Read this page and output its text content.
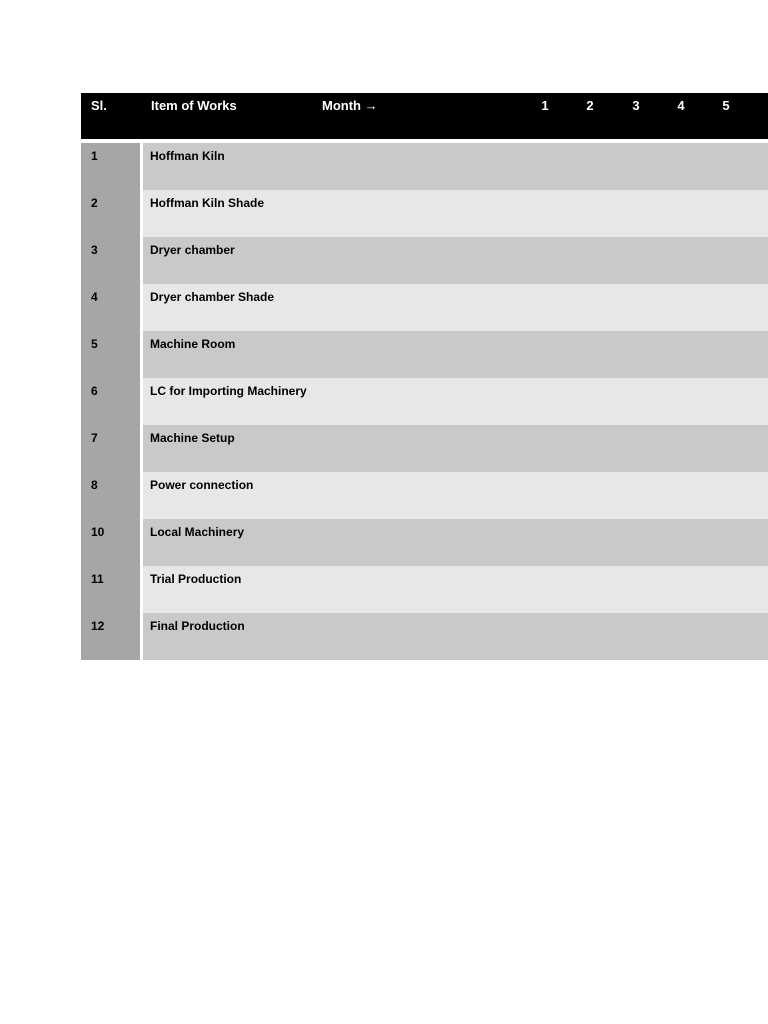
Sl.	Item of Works	Month →	1	2	3	4	5
1	Hoffman Kiln
2	Hoffman Kiln Shade
3	Dryer chamber
4	Dryer chamber Shade
5	Machine Room
6	LC for Importing Machinery
7	Machine Setup
8	Power connection
10	Local Machinery
11	Trial Production
12	Final Production
